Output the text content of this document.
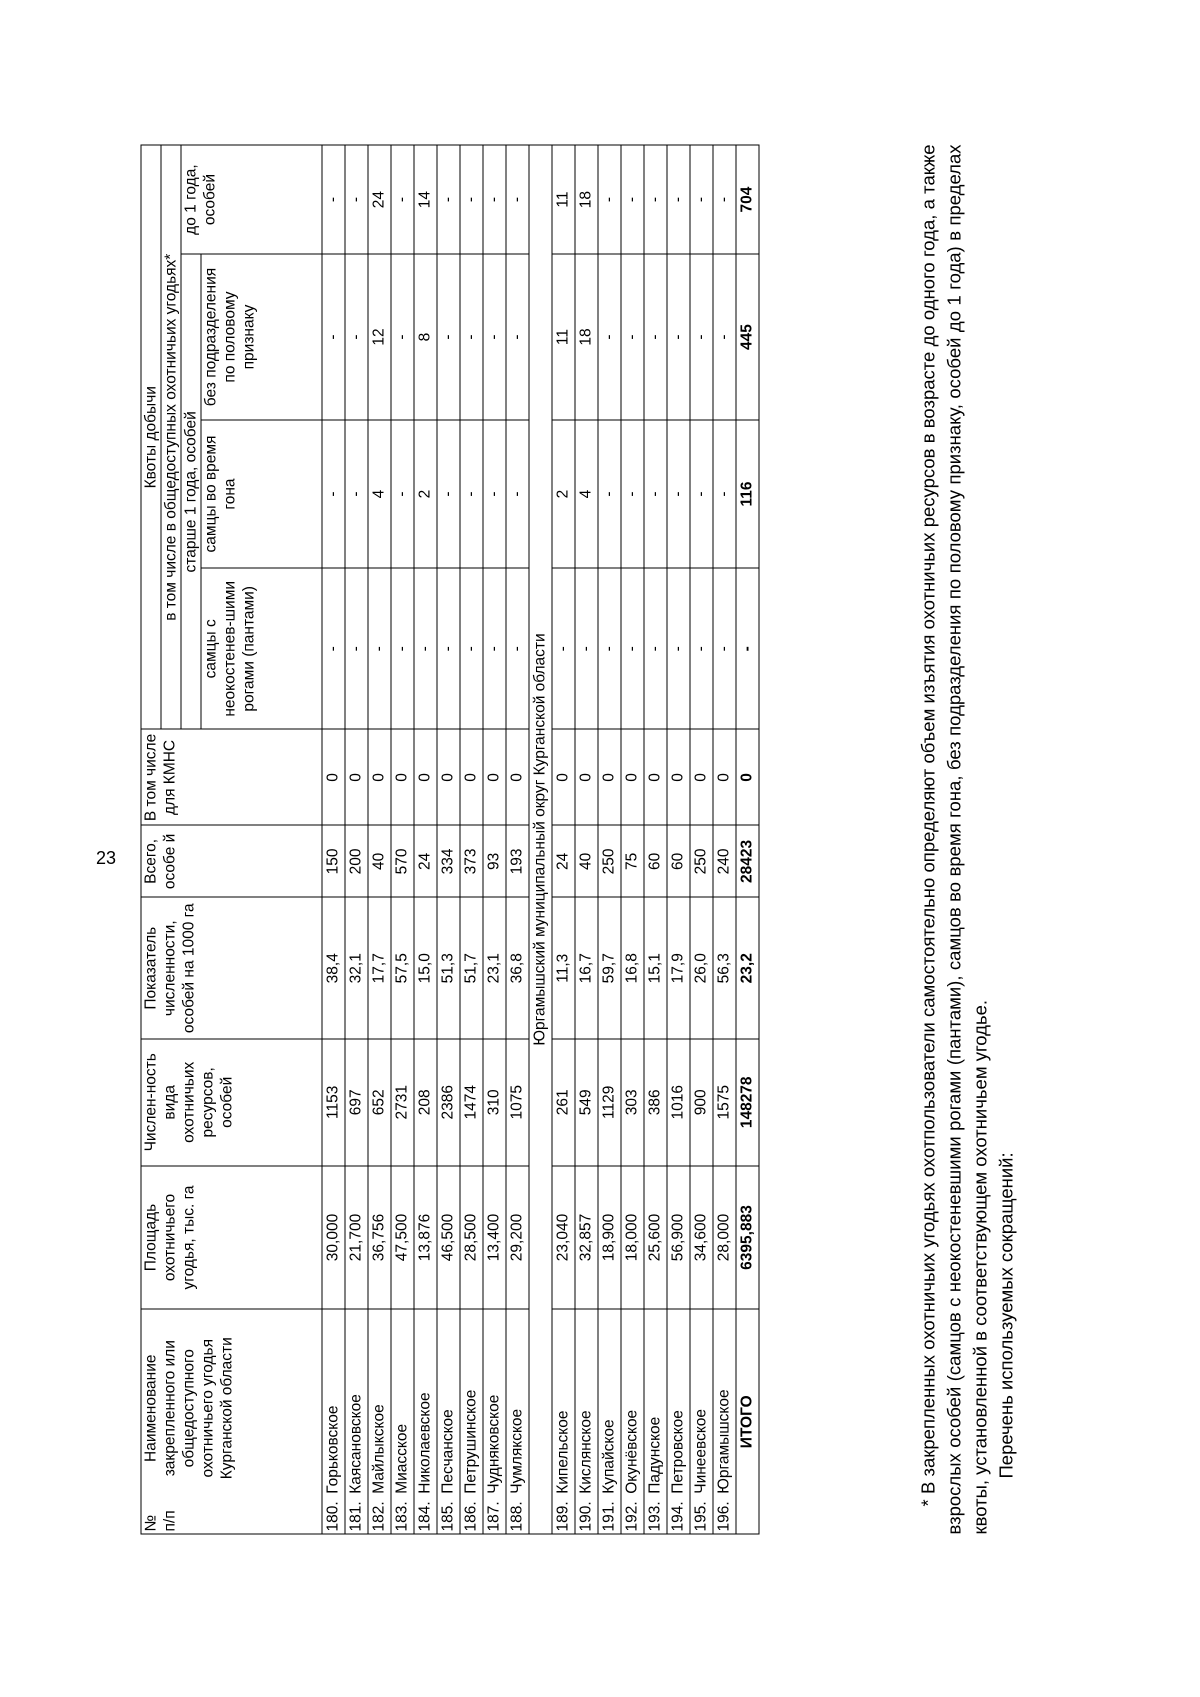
23
№ п/п
Наименование закрепленного или общедоступного охотничьего угодья Курганской области		Площадь охотничьего угодья, тыс. га	Числен-ность вида охотничьих ресурсов, особей	Показатель численности, особей на 1000 га	Всего, особе й	В том числе для КМНС	Квоты добычи			
							в том числе в общедоступных охотничьих угодьях*			
							старше 1 года, особей			до 1 года, особей
							самцы с неокостенев-шими рогами (пантами)	самцы во время гона	без подразделения по половому признаку	
180.	Горьковское	30,000	1153	38,4	150	0	-	-	-	-
181.	Каясановское	21,700	697	32,1	200	0	-	-	-	-
182.	Майлыкское	36,756	652	17,7	40	0	-	4	12	24
183.	Миасское	47,500	2731	57,5	570	0	-	-	-	-
184.	Николаевское	13,876	208	15,0	24	0	-	2	8	14
185.	Песчанское	46,500	2386	51,3	334	0	-	-	-	-
186.	Петрушинское	28,500	1474	51,7	373	0	-	-	-	-
187.	Чудняковское	13,400	310	23,1	93	0	-	-	-	-
188.	Чумлякское	29,200	1075	36,8	193	0	-	-	-	-
Юргамышский муниципальный округ Курганской области										
189.	Кипельское	23,040	261	11,3	24	0	-	2	11	11
190.	Кислянское	32,857	549	16,7	40	0	-	4	18	18
191.	Купайское	18,900	1129	59,7	250	0	-	-	-	-
192.	Окунёвское	18,000	303	16,8	75	0	-	-	-	-
193.	Падунское	25,600	386	15,1	60	0	-	-	-	-
194.	Петровское	56,900	1016	17,9	60	0	-	-	-	-
195.	Чинеевское	34,600	900	26,0	250	0	-	-	-	-
196.	Юргамышское	28,000	1575	56,3	240	0	-	-	-	-
ИТОГО		6395,883	148278	23,2	28423	0	-	116	445	704	* В закрепленных охотничьих угодьях охотпользователи самостоятельно определяют объем изъятия охотничьих ресурсов в возрасте до одного года, а также взрослых особей (самцов с неокостеневшими рогами (пантами), самцов во время гона, без подразделения по половому признаку, особей до 1 года) в пределах квоты, установленной в соответствующем охотничьем угодье. Перечень используемых сокращений:
